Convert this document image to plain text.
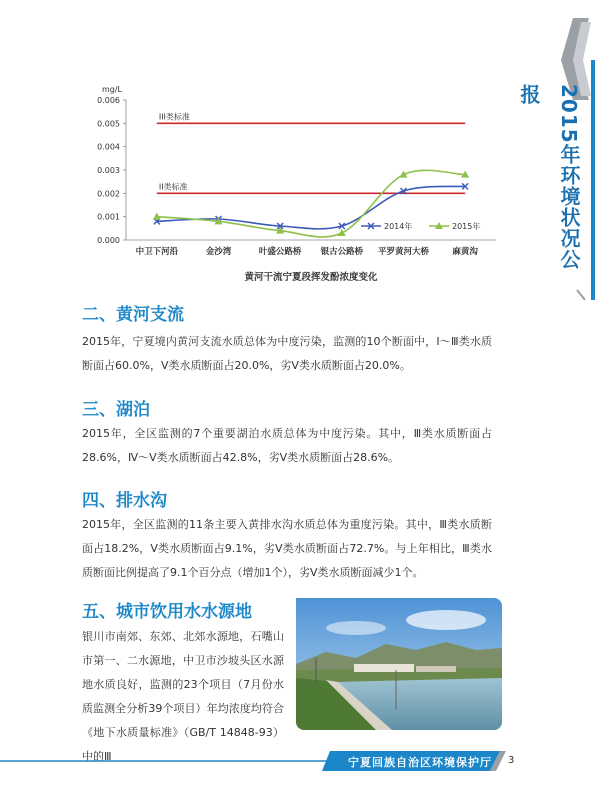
2015年环境状况公报
mg/L
0.000
0.001
0.002
0.003
0.004
0.005
0.006
中卫下河沿	金沙湾	叶盛公路桥 银古公路桥 平罗黄河大桥	麻黄沟
III类标准
II类标准
2014年	2015年
黄河干流宁夏段挥发酚浓度变化
二、黄河支流
2015年，宁夏境内黄河支流水质总体为中度污染，监测的10个断面中，Ⅰ～Ⅲ类水质断面占60.0%，Ⅴ类水质断面占20.0%，劣Ⅴ类水质断面占20.0%。
三、湖泊
2015年，全区监测的7个重要湖泊水质总体为中度污染。其中，Ⅲ类水质断面占28.6%，Ⅳ～Ⅴ类水质断面占42.8%，劣Ⅴ类水质断面占28.6%。
四、排水沟
2015年，全区监测的11条主要入黄排水沟水质总体为重度污染。其中，Ⅲ类水质断面占18.2%，Ⅴ类水质断面占9.1%，劣Ⅴ类水质断面占72.7%。与上年相比，Ⅲ类水质断面比例提高了9.1个百分点（增加1个），劣Ⅴ类水质断面减少1个。
五、城市饮用水水源地
银川市南郊、东郊、北郊水源地，石嘴山市第一、二水源地，中卫市沙坡头区水源地水质良好，监测的23个项目（7月份水质监测全分析39个项目）年均浓度均符合《地下水质量标准》（GB/T 14848-93）中的Ⅲ	宁夏回族自治区环境保护厅	3
